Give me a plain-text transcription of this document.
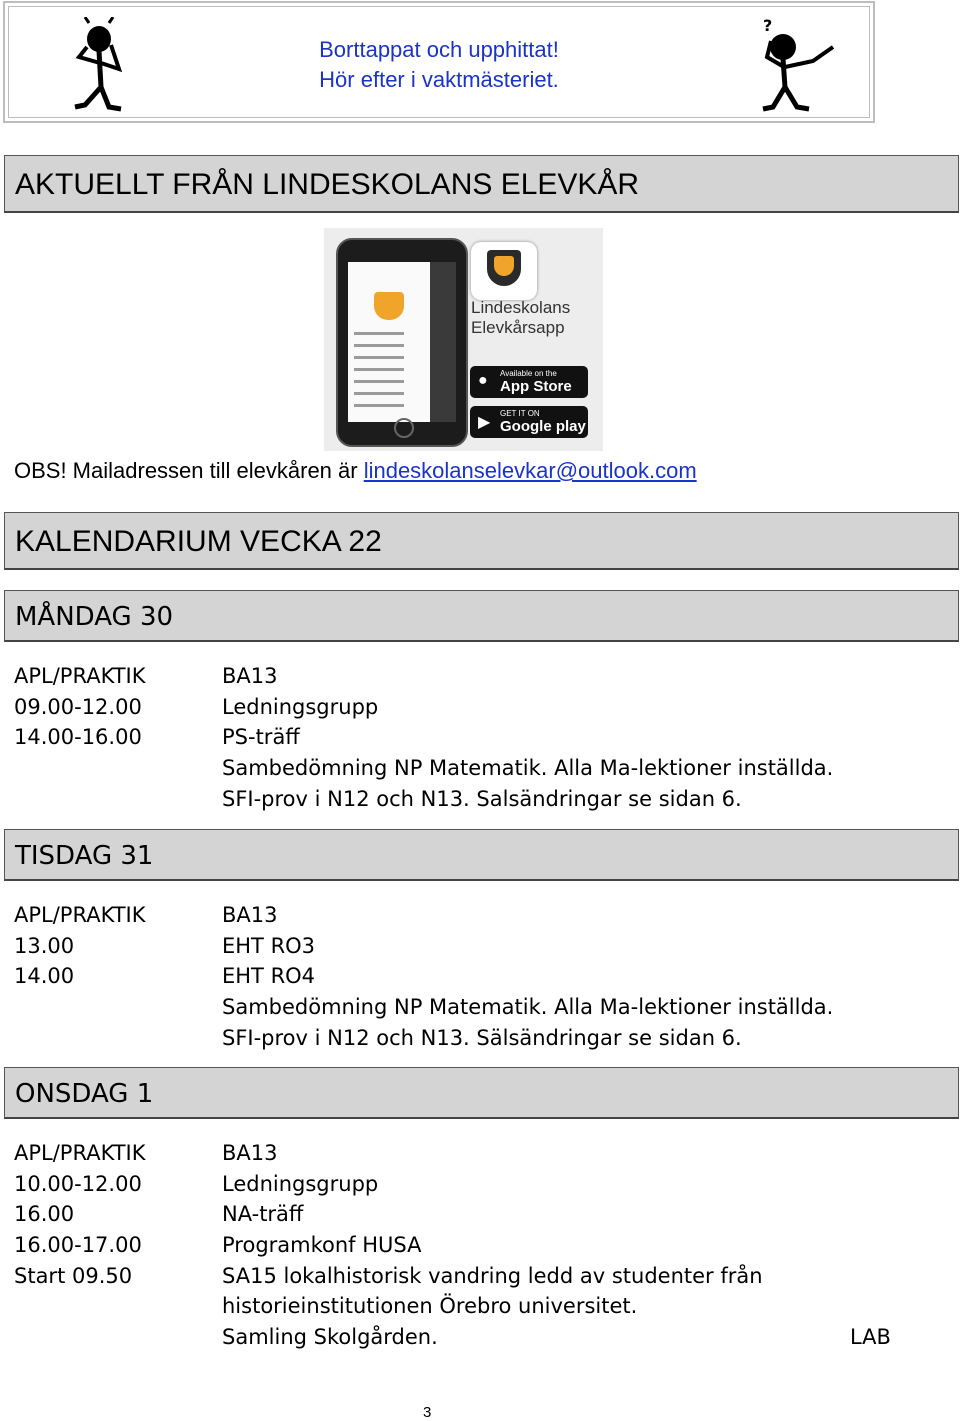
Borttappat och upphittat!
Hör efter i vaktmästeriet.
?
AKTUELLT FRÅN LINDESKOLANS ELEVKÅR
Lindeskolans
Elevkårsapp
● Available on the
App Store
▶
GET IT ON
Google play
OBS! Mailadressen till elevkåren är lindeskolanselevkar@outlook.com
KALENDARIUM VECKA 22
MÅNDAG 30
APL/PRAKTIK	BA13
09.00-12.00	Ledningsgrupp
14.00-16.00	PS-träff
Sambedömning NP Matematik. Alla Ma-lektioner inställda.
SFI-prov i N12 och N13. Salsändringar se sidan 6.
TISDAG 31
APL/PRAKTIK	BA13
13.00	EHT RO3
14.00	EHT RO4
Sambedömning NP Matematik. Alla Ma-lektioner inställda.
SFI-prov i N12 och N13. Sälsändringar se sidan 6.
ONSDAG 1
APL/PRAKTIK	BA13
10.00-12.00	Ledningsgrupp
16.00	NA-träff
16.00-17.00	Programkonf HUSA
Start 09.50	SA15 lokalhistorisk vandring ledd av studenter från
historieinstitutionen Örebro universitet.
Samling Skolgården.	LAB
3
